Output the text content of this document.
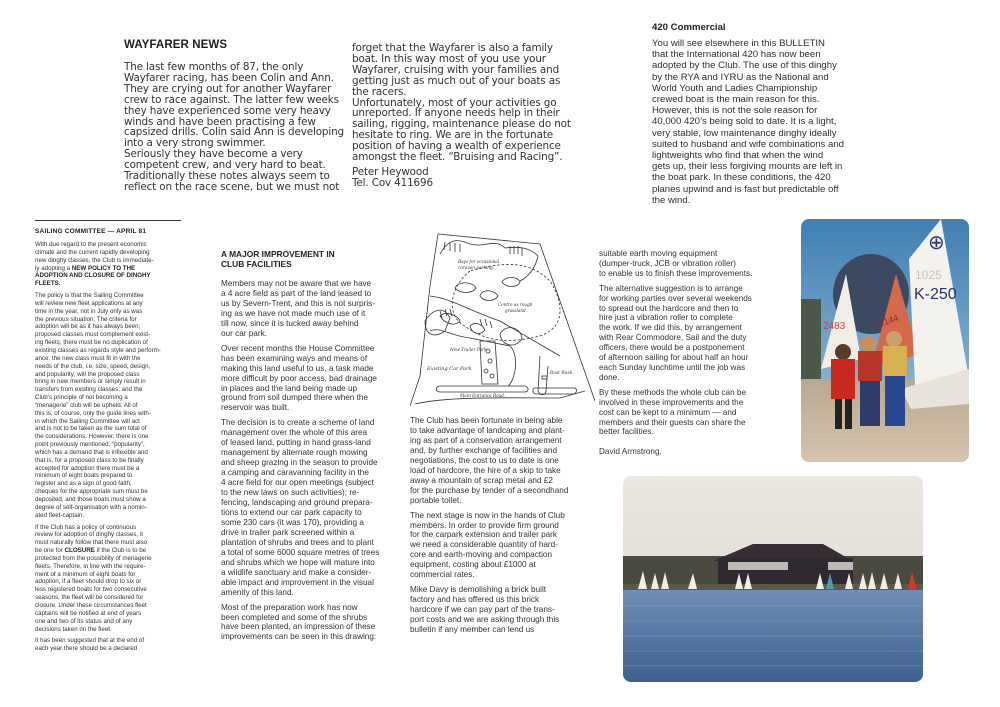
WAYFARER NEWS
The last few months of 87, the only
Wayfarer racing, has been Colin and Ann.
They are crying out for another Wayfarer
crew to race against. The latter few weeks
they have experienced some very heavy
winds and have been practising a few
capsized drills. Colin said Ann is developing
into a very strong swimmer.
Seriously they have become a very
competent crew, and very hard to beat.
Traditionally these notes always seem to
reflect on the race scene, but we must not
forget that the Wayfarer is also a family
boat. In this way most of you use your
Wayfarer, cruising with your families and
getting just as much out of your boats as
the racers.
Unfortunately, most of your activities go
unreported. If anyone needs help in their
sailing, rigging, maintenance please do not
hesitate to ring. We are in the fortunate
position of having a wealth of experience
amongst the fleet. “Bruising and Racing”.
Peter Heywood
Tel. Cov 411696
420 Commercial
You will see elsewhere in this BULLETIN
that the International 420 has now been
adopted by the Club. The use of this dinghy
by the RYA and IYRU as the National and
World Youth and Ladies Championship
crewed boat is the main reason for this.
However, this is not the sole reason for
40,000 420’s being sold to date. It is a light,
very stable, low maintenance dinghy ideally
suited to husband and wife combinations and
lightweights who find that when the wind
gets up, their less forgiving mounts are left in
the boat park. In these conditions, the 420
planes upwind and is fast but predictable off
the wind.
SAILING COMMITTEE — APRIL 81

With due regard to the present economic
climate and the current rapidly developing
new dinghy classes, the Club is immediate-
ly adopting a NEW POLICY TO THE
ADOPTION AND CLOSURE OF DINGHY
FLEETS.

The policy is that the Sailing Committee
will review new fleet applications at any
time in the year, not in July only as was
the previous situation; The criteria for
adoption will be as it has always been;
proposed classes must complement exist-
ing fleets; there must be no duplication of
existing classes as regards style and perform-
ance; the new class must fit in with the
needs of the club, i.e. size, speed, design,
and popularity; will the proposed class
bring in new members or simply result in
transfers from existing classes; and the
Club’s principle of not becoming a
“menagerie” club will be upheld. All of
this is, of course, only the guide lines with-
in which the Sailing Committee will act
and is not to be taken as the sum total of
the considerations. However, there is one
point previously mentioned, “popularity”,
which has a demand that is inflexible and
that is, for a proposed class to be finally
accepted for adoption there must be a
minimum of eight boats prepared to
register and as a sign of good faith,
cheques for the appropriate sum must be
deposited, and those boats must show a
degree of self-organisation with a nomin-
ated fleet-captain.

If the Club has a policy of continuous
review for adoption of dinghy classes, it
must naturally follow that there must also
be one for CLOSURE if the Club is to be
protected from the possibility of menagerie
fleets. Therefore, in line with the require-
ment of a minimum of eight boats for
adoption, if a fleet should drop to six or
less registered boats for two consecutive
seasons, the fleet will be considered for
closure. Under these circumstances fleet
captains will be notified at end of years
one and two of its status and of any
decisions taken on the fleet.

It has been suggested that at the end of
each year there should be a declared

A MAJOR IMPROVEMENT IN
CLUB FACILITIES

Members may not be aware that we have
a 4 acre field as part of the land leased to
us by Severn-Trent, and this is not surpris-
ing as we have not made much use of it
till now, since it is tucked away behind
our car park.

Over recent months the House Committee
has been examining ways and means of
making this land useful to us, a task made
more difficult by poor access, bad drainage
in places and the land being made up
ground from soil dumped there when the
reservoir was built.

The decision is to create a scheme of land
management over the whole of this area
of leased land, putting in hand grass-land
management by alternate rough mowing
and sheep grazing in the season to provide
a camping and caravanning facility in the
4 acre field for our open meetings (subject
to the new laws on such activities); re-
fencing, landscaping and ground prepara-
tions to extend our car park capacity to
some 230 cars (it was 170), providing a
drive in trailer park screened within a
plantation of shrubs and trees and to plant
a total of some 6000 square metres of trees
and shrubs which we hope will mature into
a wildlife sanctuary and make a consider-
able impact and improvement in the visual
amenity of this land.

Most of the preparation work has now
been completed and some of the shrubs
have been planted, an impression of these
improvements can be seen in this drawing:

Bays for occasional
caravan parking.
Centre as rough
grassland.
New Trailer Park.
Existing Car Park
Boat Wash.
Main Entrance Road.

The Club has been fortunate in being able
to take advantage of landcaping and plant-
ing as part of a conservation arrangement
and, by further exchange of facilities and
negotiations, the cost to us to date is one
load of hardcore, the hire of a skip to take
away a mountain of scrap metal and £2
for the purchase by tender of a secondhand
portable toilet.

The next stage is now in the hands of Club
members. In order to provide firm ground
for the carpark extension and trailer park
we need a considerable quantity of hard-
core and earth-moving and compaction
equipment, costing about £1000 at
commercial rates.

Mike Davy is demolishing a brick built
factory and has offered us this brick
hardcore if we can pay part of the trans-
port costs and we are asking through this
bulletin if any member can lend us

suitable earth moving equipment
(dumper-truck, JCB or vibration roller)
to enable us to finish these improvements.

The alternative suggestion is to arrange
for working parties over several weekends
to spread out the hardcore and then to
hire just a vibration roller to complete
the work. If we did this, by arrangement
with Rear Commodore, Sail and the duty
officers, there would be a postponement
of afternoon sailing for about half an hour
each Sunday lunchtime until the job was
done.

By these methods the whole club can be
involved in these improvements and the
cost can be kept to a minimum — and
members and their guests can share the
better facilities.

David Armstrong.

2483	K144
⊕
1025
K-250
